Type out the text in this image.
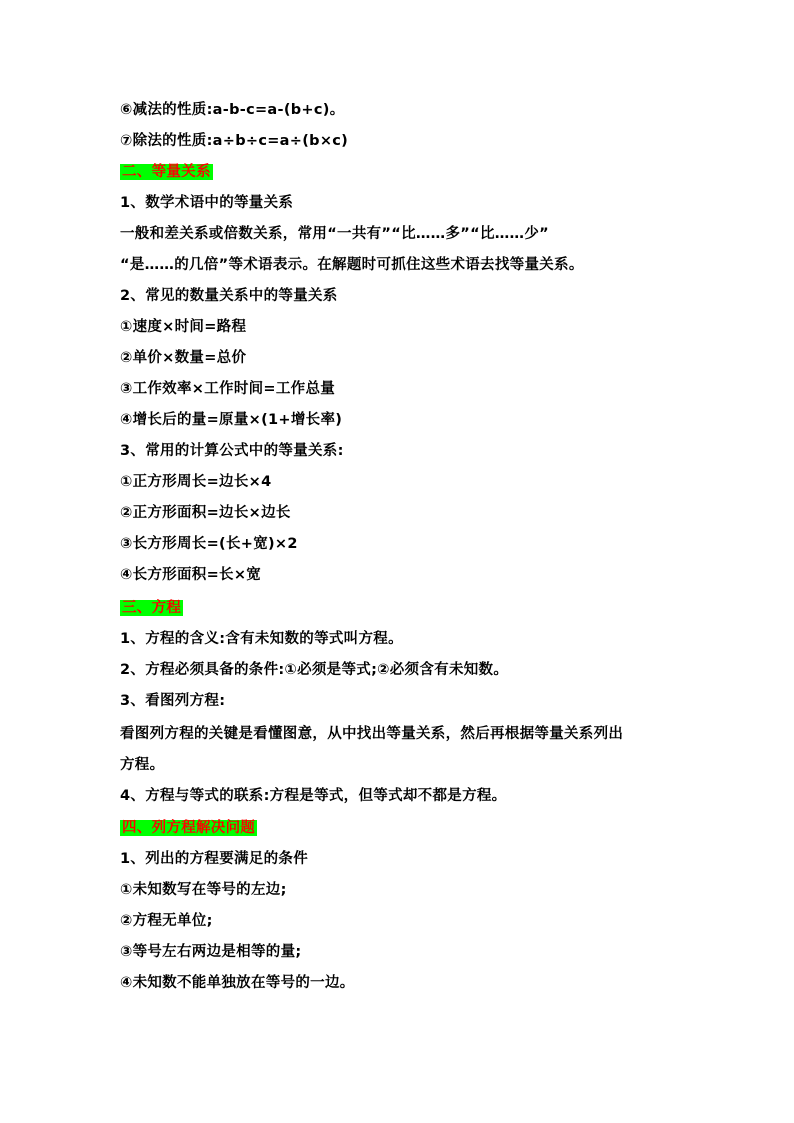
⑥减法的性质:a-b-c=a-(b+c)。
⑦除法的性质:a÷b÷c=a÷(b×c)
二、等量关系
1、数学术语中的等量关系
一般和差关系或倍数关系，常用“一共有”“比……多”“比……少”
“是……的几倍”等术语表示。在解题时可抓住这些术语去找等量关系。
2、常见的数量关系中的等量关系
①速度×时间=路程
②单价×数量=总价
③工作效率×工作时间=工作总量
④增长后的量=原量×(1+增长率)
3、常用的计算公式中的等量关系:
①正方形周长=边长×4
②正方形面积=边长×边长
③长方形周长=(长+宽)×2
④长方形面积=长×宽
三、方程
1、方程的含义:含有未知数的等式叫方程。
2、方程必须具备的条件:①必须是等式;②必须含有未知数。
3、看图列方程:
看图列方程的关键是看懂图意，从中找出等量关系，然后再根据等量关系列出
方程。
4、方程与等式的联系:方程是等式，但等式却不都是方程。
四、列方程解决问题
1、列出的方程要满足的条件
①未知数写在等号的左边;
②方程无单位;
③等号左右两边是相等的量;
④未知数不能单独放在等号的一边。
